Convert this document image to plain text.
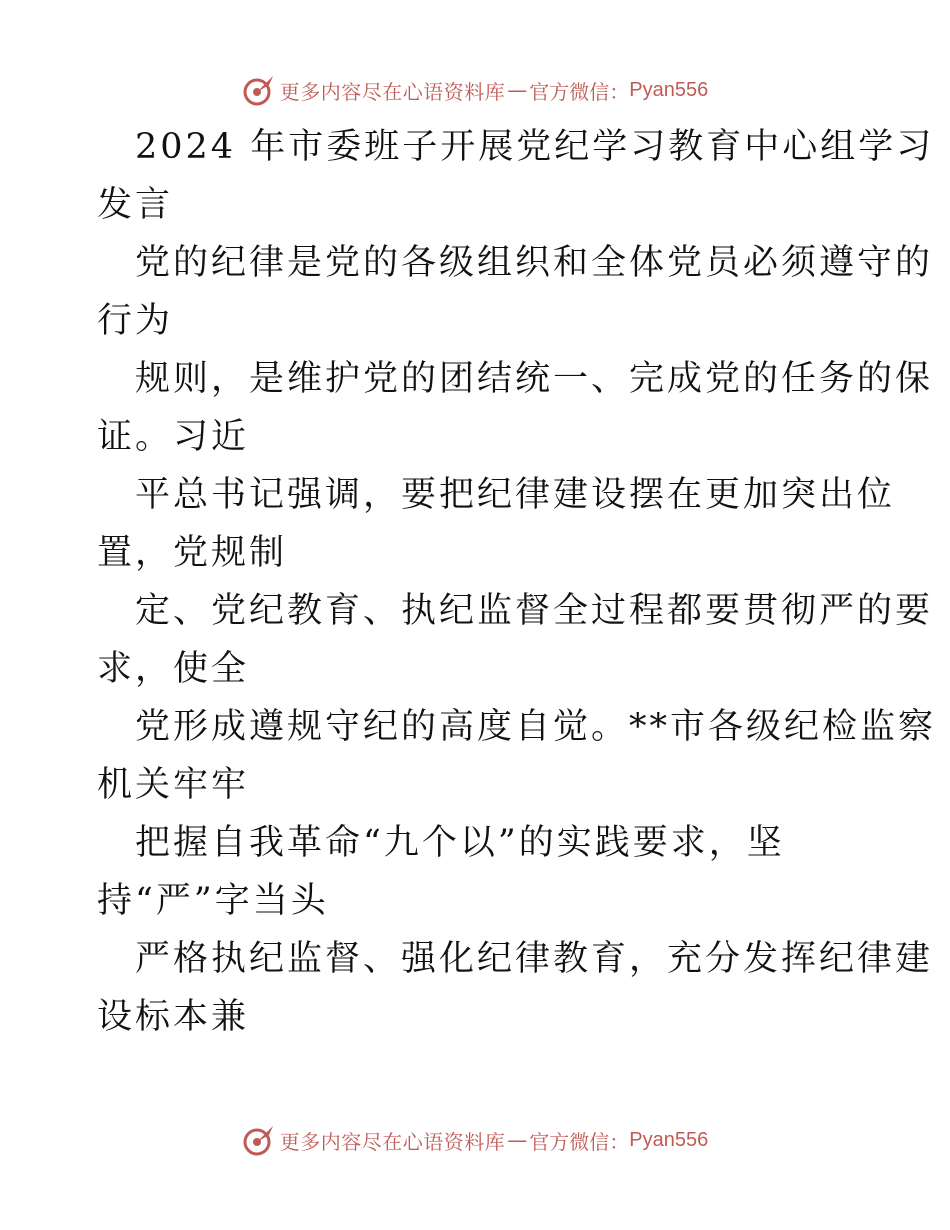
更多内容尽在心语资料库 — 官方微信： Pyan556
2024 年市委班子开展党纪学习教育中心组学习
发言
党的纪律是党的各级组织和全体党员必须遵守的
行为
规则，是维护党的团结统一、完成党的任务的保
证。习近
平总书记强调，要把纪律建设摆在更加突出位
置，党规制
定、党纪教育、执纪监督全过程都要贯彻严的要
求，使全
党形成遵规守纪的高度自觉。**市各级纪检监察
机关牢牢
把握自我革命“九个以”的实践要求，坚
持“严”字当头
严格执纪监督、强化纪律教育，充分发挥纪律建
设标本兼
更多内容尽在心语资料库 — 官方微信： Pyan556
